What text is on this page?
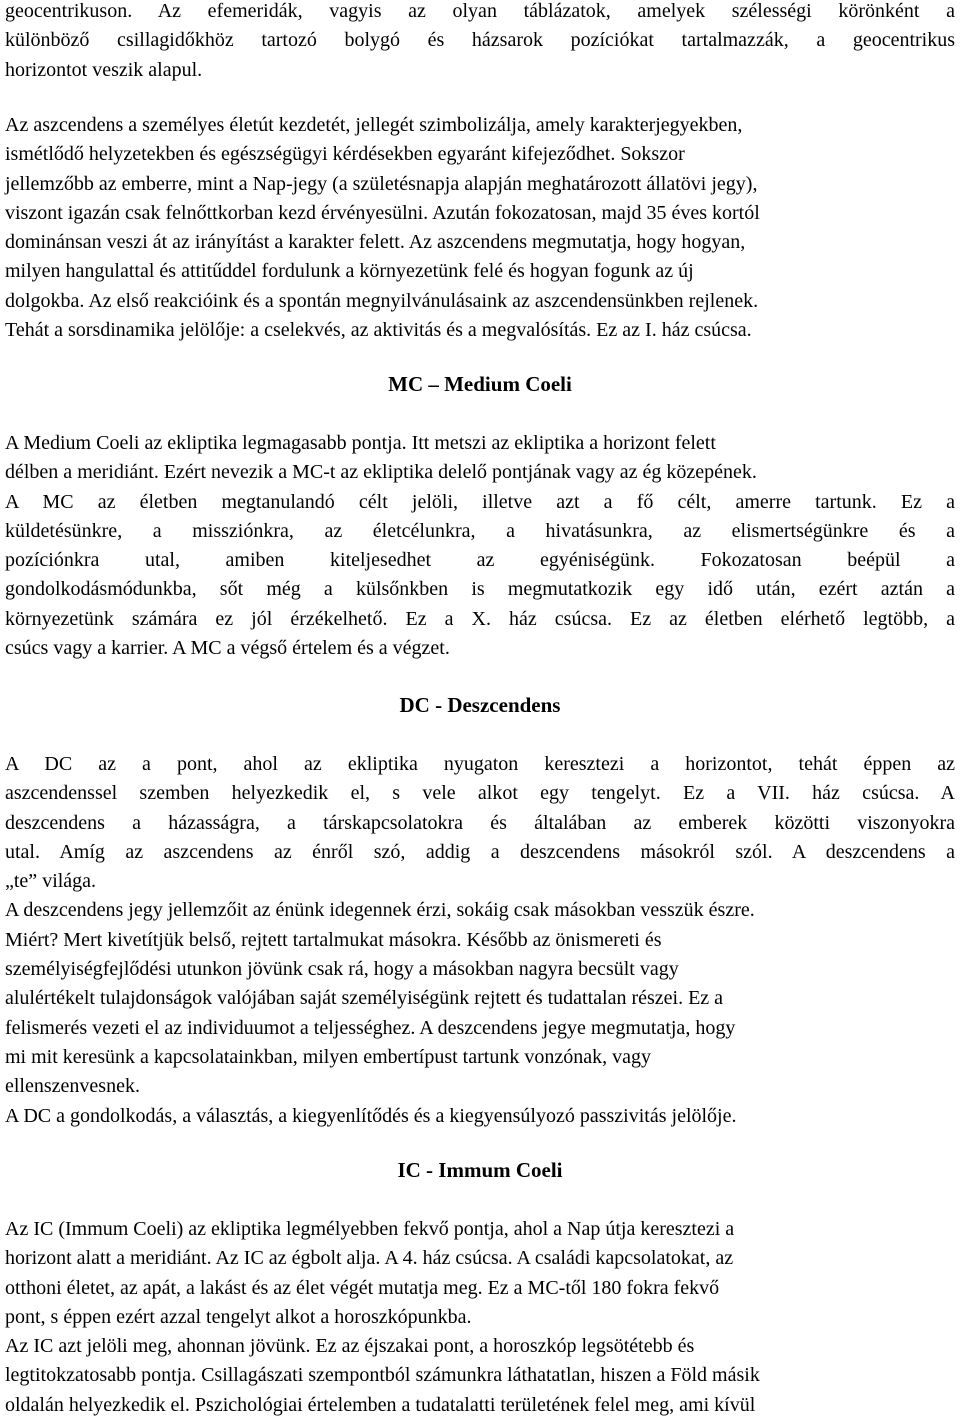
geocentrikuson. Az efemeridák, vagyis az olyan táblázatok, amelyek szélességi körönként a
különböző csillagidőkhöz tartozó bolygó és házsarok pozíciókat tartalmazzák, a geocentrikus
horizontot veszik alapul.
Az aszcendens a személyes életút kezdetét, jellegét szimbolizálja, amely karakterjegyekben,
ismétlődő helyzetekben és egészségügyi kérdésekben egyaránt kifejeződhet. Sokszor
jellemzőbb az emberre, mint a Nap-jegy (a születésnapja alapján meghatározott állatövi jegy),
viszont igazán csak felnőttkorban kezd érvényesülni. Azután fokozatosan, majd 35 éves kortól
dominánsan veszi át az irányítást a karakter felett. Az aszcendens megmutatja, hogy hogyan,
milyen hangulattal és attitűddel fordulunk a környezetünk felé és hogyan fogunk az új
dolgokba. Az első reakcióink és a spontán megnyilvánulásaink az aszcendensünkben rejlenek.
Tehát a sorsdinamika jelölője: a cselekvés, az aktivitás és a megvalósítás. Ez az I. ház csúcsa.
MC – Medium Coeli
A Medium Coeli az ekliptika legmagasabb pontja. Itt metszi az ekliptika a horizont felett
délben a meridiánt. Ezért nevezik a MC-t az ekliptika delelő pontjának vagy az ég közepének.
A MC az életben megtanulandó célt jelöli, illetve azt a fő célt, amerre tartunk. Ez a
küldetésünkre, a missziónkra, az életcélunkra, a hivatásunkra, az elismertségünkre és a
pozíciónkra utal, amiben kiteljesedhet az egyéniségünk. Fokozatosan beépül a
gondolkodásmódunkba, sőt még a külsőnkben is megmutatkozik egy idő után, ezért aztán a
környezetünk számára ez jól érzékelhető. Ez a X. ház csúcsa. Ez az életben elérhető legtöbb, a
csúcs vagy a karrier. A MC a végső értelem és a végzet.
DC - Deszcendens
A DC az a pont, ahol az ekliptika nyugaton keresztezi a horizontot, tehát éppen az
aszcendenssel szemben helyezkedik el, s vele alkot egy tengelyt. Ez a VII. ház csúcsa. A
deszcendens a házasságra, a társkapcsolatokra és általában az emberek közötti viszonyokra
utal. Amíg az aszcendens az énről szó, addig a deszcendens másokról szól. A deszcendens a
„te” világa.
A deszcendens jegy jellemzőit az énünk idegennek érzi, sokáig csak másokban vesszük észre.
Miért? Mert kivetítjük belső, rejtett tartalmukat másokra. Később az önismereti és
személyiségfejlődési utunkon jövünk csak rá, hogy a másokban nagyra becsült vagy
alulértékelt tulajdonságok valójában saját személyiségünk rejtett és tudattalan részei. Ez a
felismerés vezeti el az individuumot a teljességhez. A deszcendens jegye megmutatja, hogy
mi mit keresünk a kapcsolatainkban, milyen embertípust tartunk vonzónak, vagy
ellenszenvesnek.
A DC a gondolkodás, a választás, a kiegyenlítődés és a kiegyensúlyozó passzivitás jelölője.
IC - Immum Coeli
Az IC (Immum Coeli) az ekliptika legmélyebben fekvő pontja, ahol a Nap útja keresztezi a
horizont alatt a meridiánt. Az IC az égbolt alja. A 4. ház csúcsa. A családi kapcsolatokat, az
otthoni életet, az apát, a lakást és az élet végét mutatja meg. Ez a MC-től 180 fokra fekvő
pont, s éppen ezért azzal tengelyt alkot a horoszkópunkba.
Az IC azt jelöli meg, ahonnan jövünk. Ez az éjszakai pont, a horoszkóp legsötétebb és
legtitokzatosabb pontja. Csillagászati szempontból számunkra láthatatlan, hiszen a Föld másik
oldalán helyezkedik el. Pszichológiai értelemben a tudatalatti területének felel meg, ami kívül
